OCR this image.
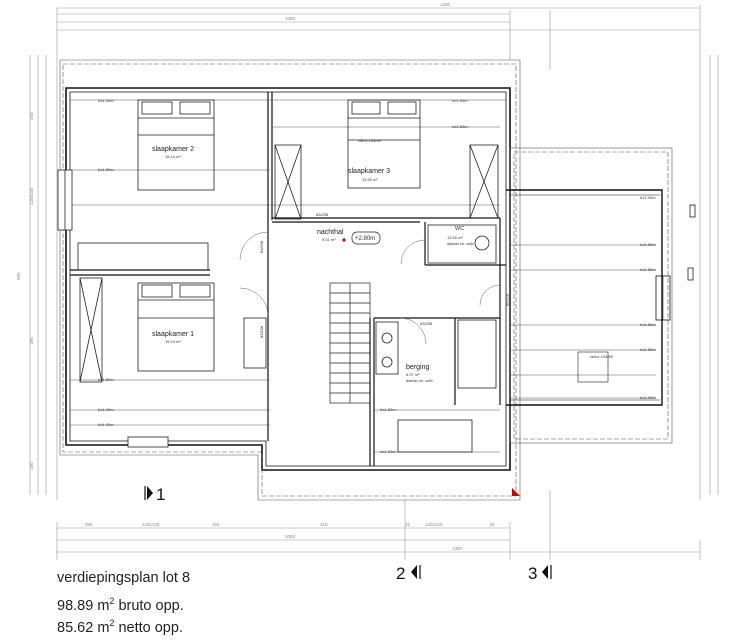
1000
1350
250
120x150
980
180
100
velux 134/98
velux 134/98
slaapkamer 2
15.10 m²
slaapkamer 3
13.90 m²
slaapkamer 1
15.10 m²
nachthal
9.01 m²	+2.80m
WC
13.50 m²
dakbel ch. wdb
berging
6.07 m²
dakbel ch. wdb
83/208
83/208
83/208
83/208
83/208
h≥1.00m
h≥1.50m
h≥1.00m
h≥1.50m
h≥1.80m
h≥1.00m
h≥1.00m
h≥1.80m
h≥1.00m
h≥1.00m
h≥1.50m
h≥1.80m
h≥1.80m
h≥1.50m
h≥1.00m
358	120x130	152	318	22	120x130	81
1000
1350
1
2	3
verdiepingsplan lot 8
98.89 $m^2$ bruto opp.
85.62 $m^2$ netto opp.
